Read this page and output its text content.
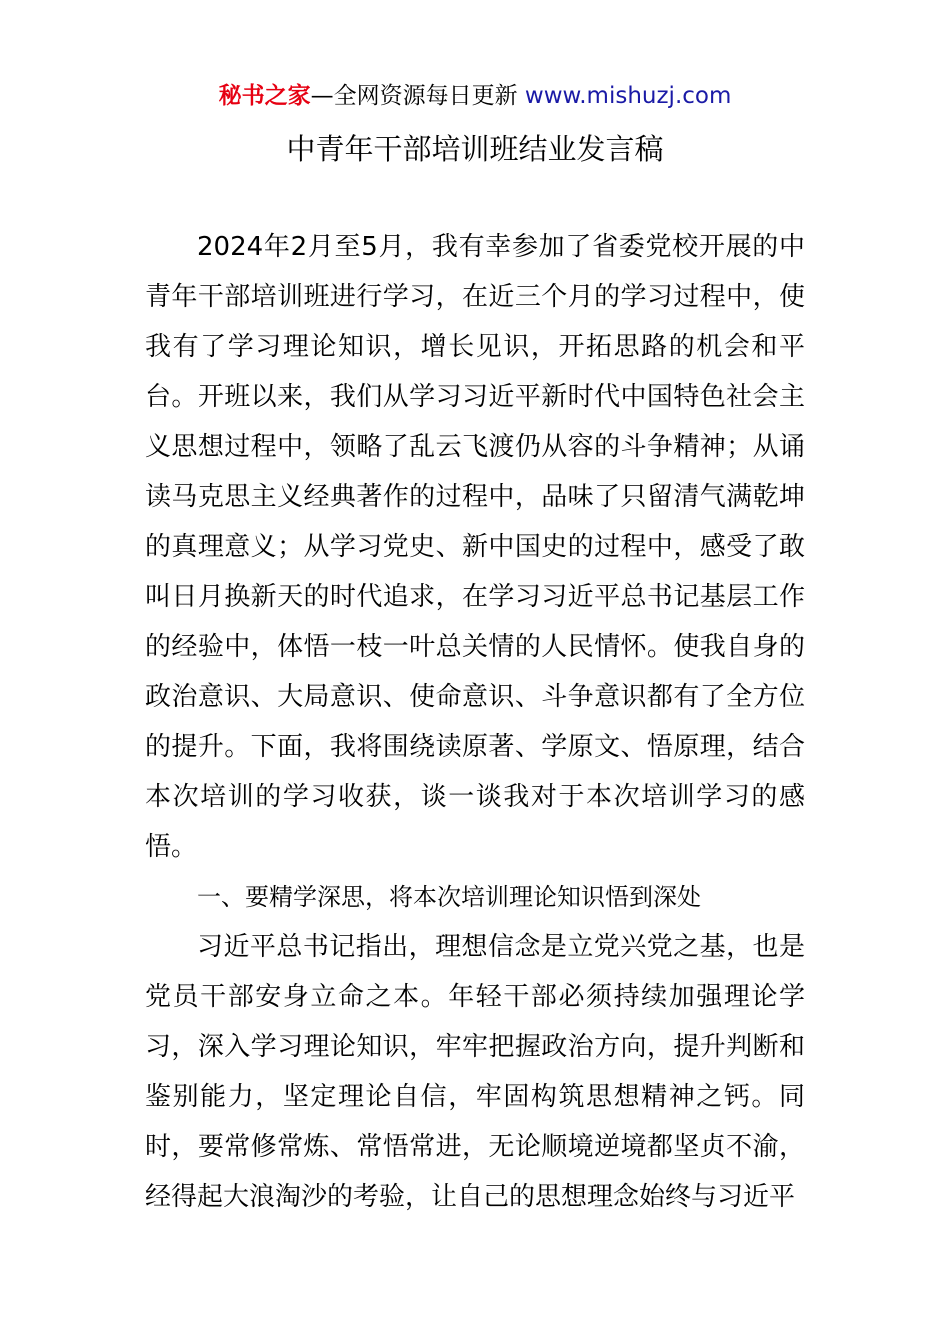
秘书之家—全网资源每日更新 www.mishuzj.com
中青年干部培训班结业发言稿

2024年2月至5月，我有幸参加了省委党校开展的中青年干部培训班进行学习，在近三个月的学习过程中，使我有了学习理论知识，增长见识，开拓思路的机会和平台。开班以来，我们从学习习近平新时代中国特色社会主义思想过程中，领略了乱云飞渡仍从容的斗争精神；从诵读马克思主义经典著作的过程中，品味了只留清气满乾坤的真理意义；从学习党史、新中国史的过程中，感受了敢叫日月换新天的时代追求，在学习习近平总书记基层工作的经验中，体悟一枝一叶总关情的人民情怀。使我自身的政治意识、大局意识、使命意识、斗争意识都有了全方位的提升。下面，我将围绕读原著、学原文、悟原理，结合本次培训的学习收获，谈一谈我对于本次培训学习的感悟。

一、要精学深思，将本次培训理论知识悟到深处

习近平总书记指出，理想信念是立党兴党之基，也是党员干部安身立命之本。年轻干部必须持续加强理论学习，深入学习理论知识，牢牢把握政治方向，提升判断和鉴别能力，坚定理论自信，牢固构筑思想精神之钙。同时，要常修常炼、常悟常进，无论顺境逆境都坚贞不渝，经得起大浪淘沙的考验，让自己的思想理念始终与习近平
